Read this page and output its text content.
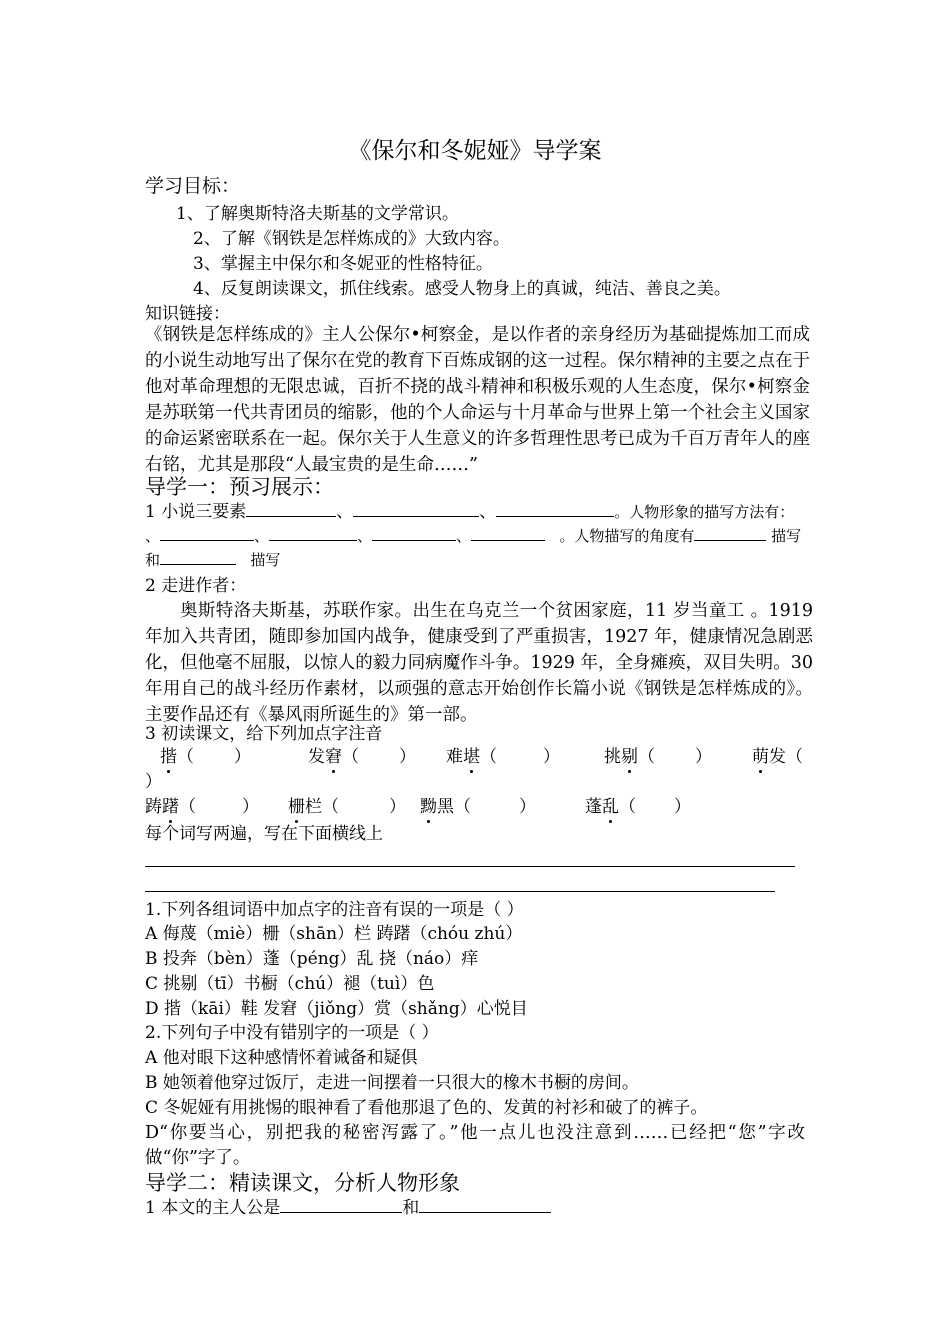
《保尔和冬妮娅》导学案
学习目标：
1、了解奥斯特洛夫斯基的文学常识。
2、了解《钢铁是怎样炼成的》大致内容。
3、掌握主中保尔和冬妮亚的性格特征。
4、反复朗读课文，抓住线索。感受人物身上的真诚，纯洁、善良之美。
知识链接：
《钢铁是怎样练成的》主人公保尔•柯察金，是以作者的亲身经历为基础提炼加工而成的小说生动地写出了保尔在党的教育下百炼成钢的这一过程。保尔精神的主要之点在于他对革命理想的无限忠诚，百折不挠的战斗精神和积极乐观的人生态度，保尔•柯察金是苏联第一代共青团员的缩影，他的个人命运与十月革命与世界上第一个社会主义国家的命运紧密联系在一起。保尔关于人生意义的许多哲理性思考已成为千百万青年人的座右铭，尤其是那段“人最宝贵的是生命……”
导学一：预习展示：
1 小说三要素	、	、	。人物形象的描写方法有：
、	、	、	、	。人物描写的角度有	描写
和	描写
2 走进作者：
奥斯特洛夫斯基，苏联作家。出生在乌克兰一个贫困家庭，11 岁当童工 。1919 年加入共青团，随即参加国内战争，健康受到了严重损害，1927 年，健康情况急剧恶化，但他毫不屈服，以惊人的毅力同病魔作斗争。1929 年，全身瘫痪，双目失明。30 年用自己的战斗经历作素材，以顽强的意志开始创作长篇小说《钢铁是怎样炼成的》。主要作品还有《暴风雨所诞生的》第一部。
3 初读课文，给下列加点字注音
揩（ ）	发窘（ ） 难堪（	）	挑剔（ ） 萌发（
）
踌躇（	） 栅栏（	） 黝黑（	）	蓬乱（ ）
每个词写两遍，写在下面横线上
1.下列各组词语中加点字的注音有误的一项是（ ）
A 侮蔑（miè）栅（shān）栏 踌躇（chóu zhú）
B 投奔（bèn）蓬（péng）乱 挠（náo）痒
C 挑剔（tī）书橱（chú）褪（tuì）色
D 揩（kāi）鞋 发窘（jiǒng）赏（shǎng）心悦目
2.下列句子中没有错别字的一项是（ ）
A 他对眼下这种感情怀着诫备和疑俱
B 她领着他穿过饭厅，走进一间摆着一只很大的橡木书橱的房间。
C 冬妮娅有用挑惕的眼神看了看他那退了色的、发黄的衬衫和破了的裤子。
D“你要当心，别把我的秘密泻露了。”他一点儿也没注意到……已经把“您”字改做“你”字了。
导学二：精读课文，分析人物形象
1 本文的主人公是	和
